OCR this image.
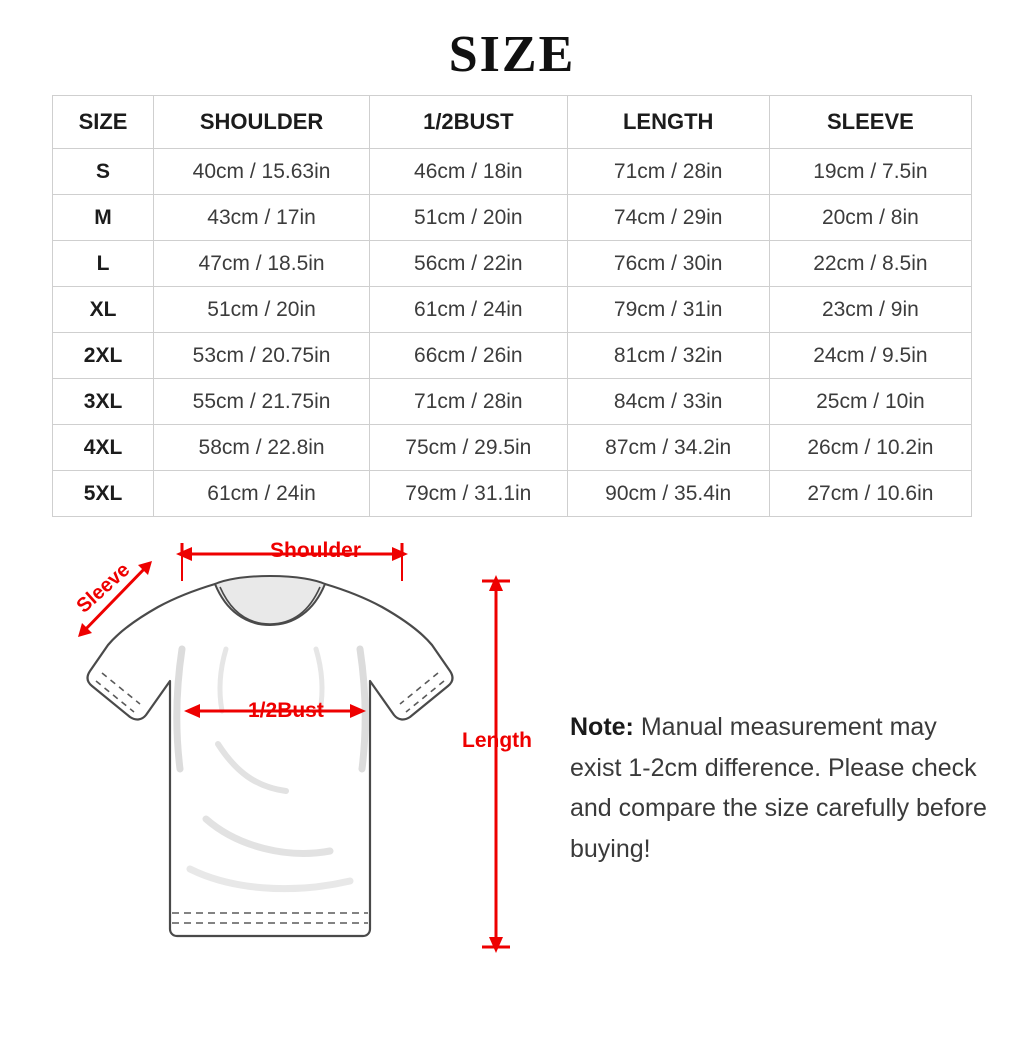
SIZE
SIZE	SHOULDER	1/2BUST	LENGTH	SLEEVE
S	40cm / 15.63in	46cm / 18in	71cm / 28in	19cm / 7.5in
M	43cm / 17in	51cm / 20in	74cm / 29in	20cm / 8in
L	47cm / 18.5in	56cm / 22in	76cm / 30in	22cm / 8.5in
XL	51cm / 20in	61cm / 24in	79cm / 31in	23cm / 9in
2XL	53cm / 20.75in	66cm / 26in	81cm / 32in	24cm / 9.5in
3XL	55cm / 21.75in	71cm / 28in	84cm / 33in	25cm / 10in
4XL	58cm / 22.8in	75cm / 29.5in	87cm / 34.2in	26cm / 10.2in
5XL	61cm / 24in	79cm / 31.1in	90cm / 35.4in	27cm / 10.6in
Shoulder
Sleeve
1/2Bust
Length Note: Manual measurement may exist 1-2cm difference. Please check and compare the size carefully before buying!
